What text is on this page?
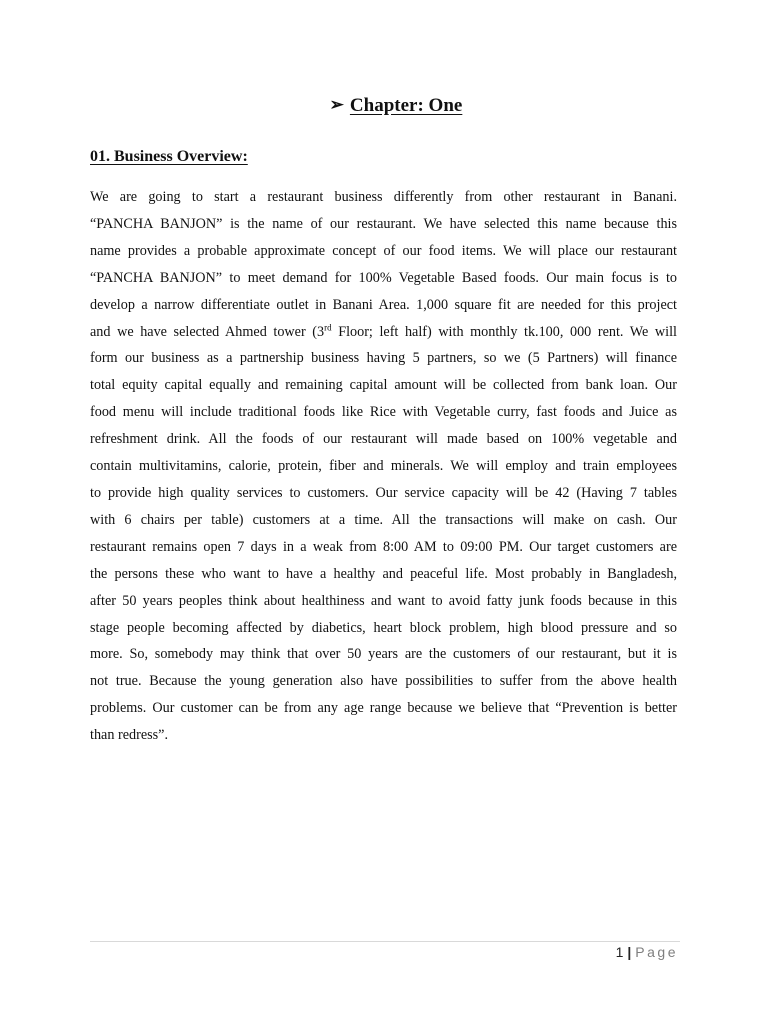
➢ Chapter: One
01. Business Overview:
We are going to start a restaurant business differently from other restaurant in Banani.
“PANCHA BANJON” is the name of our restaurant. We have selected this name because this
name provides a probable approximate concept of our food items. We will place our restaurant
“PANCHA BANJON” to meet demand for 100% Vegetable Based foods. Our main focus is to
develop a narrow differentiate outlet in Banani Area. 1,000 square fit are needed for this project
and we have selected Ahmed tower (3rd Floor; left half) with monthly tk.100, 000 rent. We will
form our business as a partnership business having 5 partners, so we (5 Partners) will finance
total equity capital equally and remaining capital amount will be collected from bank loan. Our
food menu will include traditional foods like Rice with Vegetable curry, fast foods and Juice as
refreshment drink. All the foods of our restaurant will made based on 100% vegetable and
contain multivitamins, calorie, protein, fiber and minerals. We will employ and train employees
to provide high quality services to customers. Our service capacity will be 42 (Having 7 tables
with 6 chairs per table) customers at a time. All the transactions will make on cash. Our
restaurant remains open 7 days in a weak from 8:00 AM to 09:00 PM. Our target customers are
the persons these who want to have a healthy and peaceful life. Most probably in Bangladesh,
after 50 years peoples think about healthiness and want to avoid fatty junk foods because in this
stage people becoming affected by diabetics, heart block problem, high blood pressure and so
more. So, somebody may think that over 50 years are the customers of our restaurant, but it is
not true. Because the young generation also have possibilities to suffer from the above health
problems. Our customer can be from any age range because we believe that “Prevention is better
than redress”.
1 | Page
